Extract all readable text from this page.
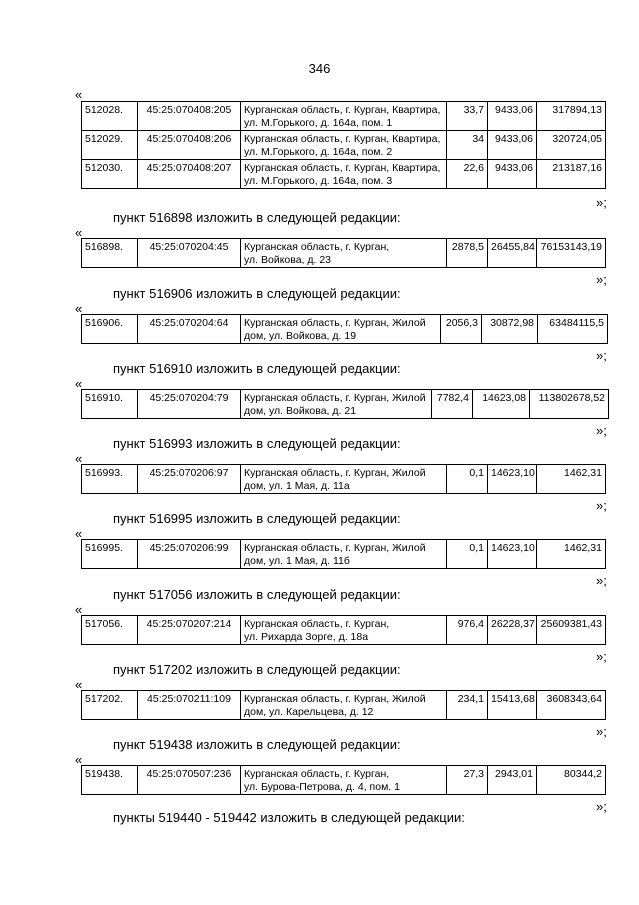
346
«
512028.	45:25:070408:205	Курганская область, г. Курган, Квартира,
ул. М.Горького, д. 164а, пом. 1	33,7	9433,06	317894,13
512029.	45:25:070408:206	Курганская область, г. Курган, Квартира,
ул. М.Горького, д. 164а, пом. 2	34	9433,06	320724,05
512030.	45:25:070408:207	Курганская область, г. Курган, Квартира,
ул. М.Горького, д. 164а, пом. 3	22,6	9433,06	213187,16
»;
пункт 516898 изложить в следующей редакции:
«
516898.	45:25:070204:45	Курганская область, г. Курган,
ул. Войкова, д. 23
	2878,5	26455,84	76153143,19
»;
пункт 516906 изложить в следующей редакции:
«
516906.	45:25:070204:64	Курганская область, г. Курган, Жилой
дом, ул. Войкова, д. 19
	2056,3	30872,98	63484115,5
»;
пункт 516910 изложить в следующей редакции:
«
516910.	45:25:070204:79	Курганская область, г. Курган, Жилой
дом, ул. Войкова, д. 21
	7782,4	14623,08	113802678,52
»;
пункт 516993 изложить в следующей редакции:
«
516993.	45:25:070206:97	Курганская область, г. Курган, Жилой
дом, ул. 1 Мая, д. 11а
	0,1	14623,10	1462,31
»;
пункт 516995 изложить в следующей редакции:
«
516995.	45:25:070206:99	Курганская область, г. Курган, Жилой
дом, ул. 1 Мая, д. 11б
	0,1	14623,10	1462,31
»;
пункт 517056 изложить в следующей редакции:
«
517056.	45:25:070207:214	Курганская область, г. Курган,
ул. Рихарда Зорге, д. 18а
	976,4	26228,37	25609381,43
»;
пункт 517202 изложить в следующей редакции:
«
517202.	45:25:070211:109	Курганская область, г. Курган, Жилой
дом, ул. Карельцева, д. 12
	234,1	15413,68	3608343,64
»;
пункт 519438 изложить в следующей редакции:
«
519438.	45:25:070507:236	Курганская область, г. Курган,
ул. Бурова-Петрова, д. 4, пом. 1
	27,3	2943,01	80344,2
»;
пункты 519440 - 519442 изложить в следующей редакции:
